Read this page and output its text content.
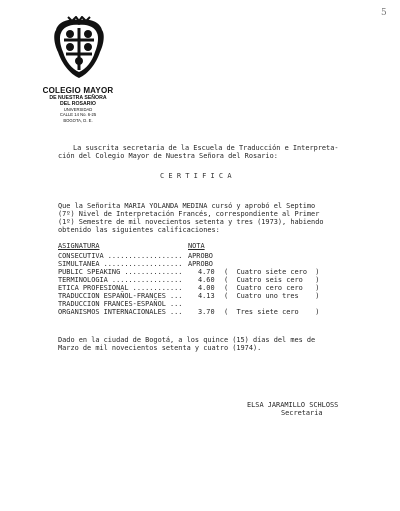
5
COLEGIO MAYOR
DE NUESTRA SEÑORA
DEL ROSARIO
UNIVERSIDAD
CALLE 14 No. 6-25
BOGOTA, D. E.
La suscrita secretaria de la Escuela de Traducción e Interpreta-
ción del Colegio Mayor de Nuestra Señora del Rosario:
CERTIFICA
Que la Señorita MARIA YOLANDA MEDINA cursó y aprobó el Septimo
(7º) Nivel de Interpretación Francés, correspondiente al Primer
(1º) Semestre de mil novecientos setenta y tres (1973), habiendo
obtenido las siguientes calificaciones:
ASIGNATURA	NOTA
CONSECUTIVA .................. APROBO
SIMULTANEA ................... APROBO
PUBLIC SPEAKING .............. 4.70 (  Cuatro siete cero  )
TERMINOLOGIA ................. 4.60 (  Cuatro seis cero   )
ETICA PROFESIONAL ............ 4.00 (  Cuatro cero cero   )
TRADUCCION ESPAÑOL-FRANCES ... 4.13 (  Cuatro uno tres    )
TRADUCCION FRANCES-ESPAÑOL ...
ORGANISMOS INTERNACIONALES ... 3.70 (  Tres siete cero    )
Dado en la ciudad de Bogotá, a los quince (15) días del mes de
Marzo de mil novecientos setenta y cuatro (1974).
ELSA JARAMILLO SCHLOSS
Secretaria
